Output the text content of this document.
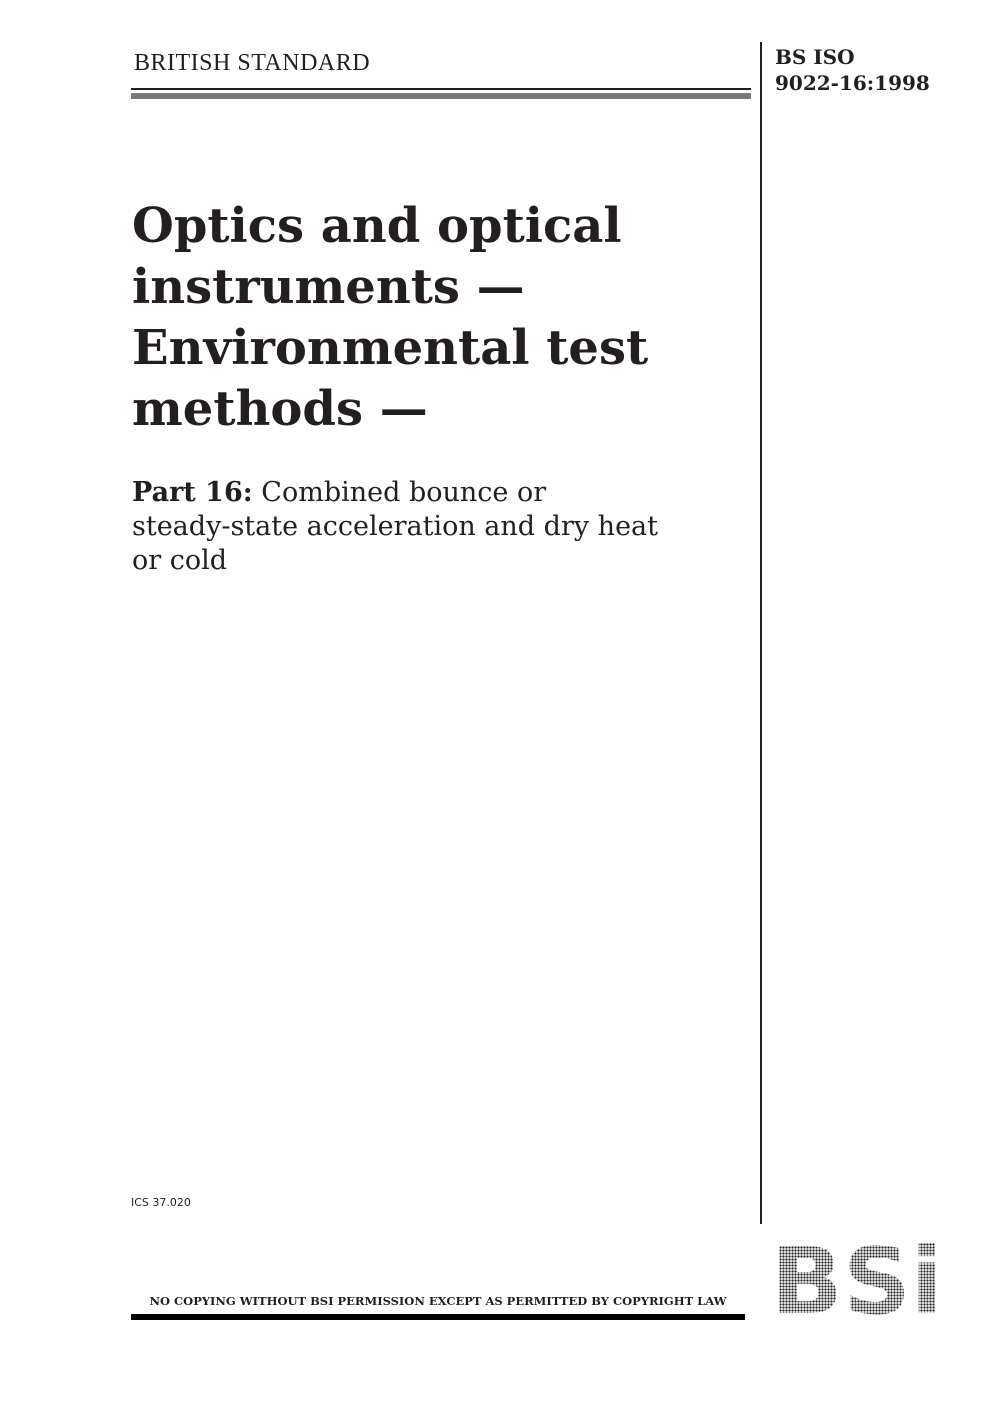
BRITISH STANDARD	BS ISO
9022-16:1998
Optics and optical
instruments —
Environmental test
methods —
Part 16: Combined bounce or
steady-state acceleration and dry heat
or cold
ICS 37.020
NO COPYING WITHOUT BSI PERMISSION EXCEPT AS PERMITTED BY COPYRIGHT LAW
